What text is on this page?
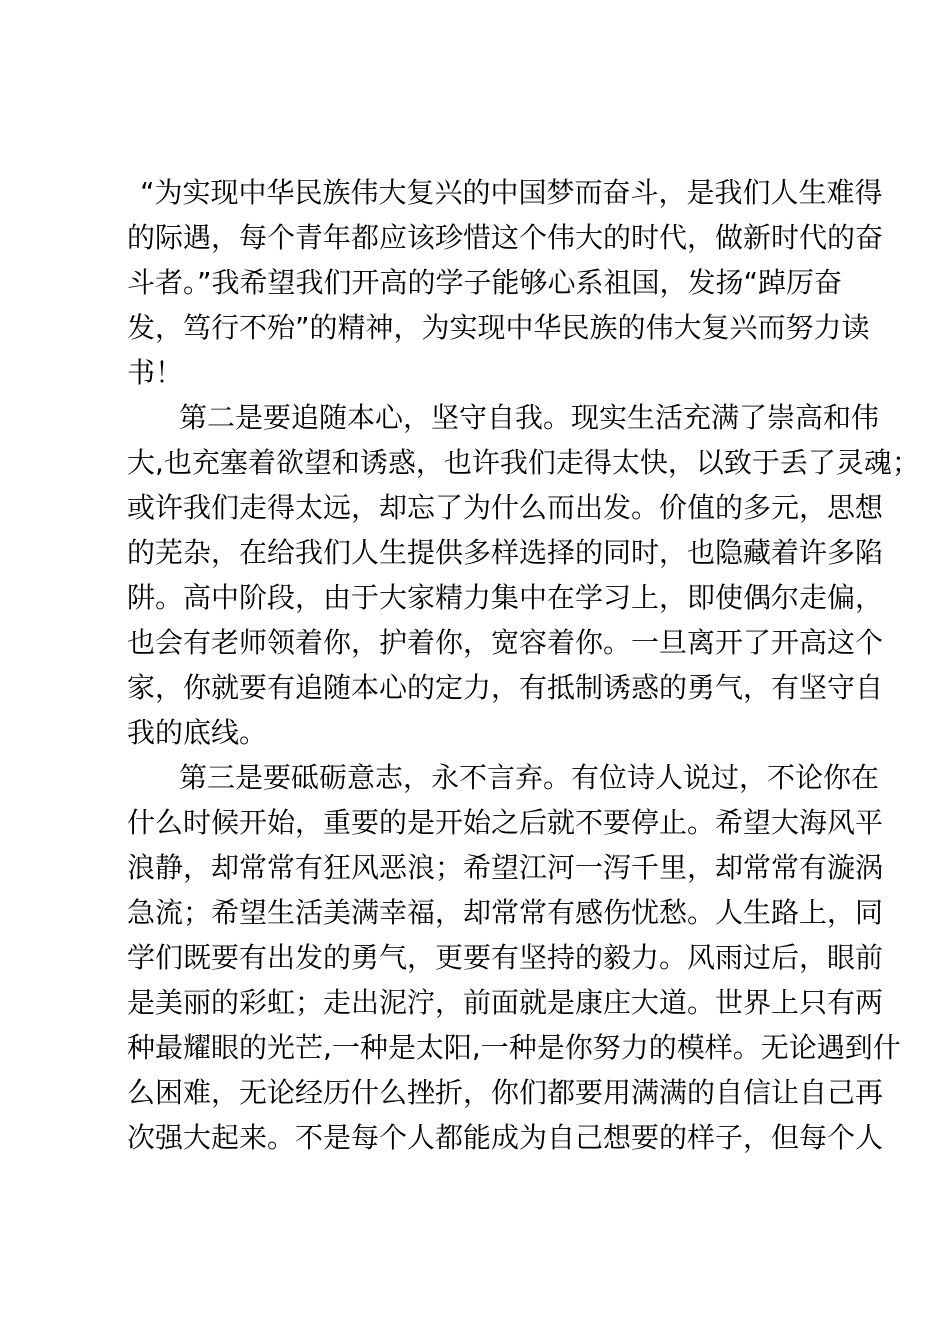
“为实现中华民族伟大复兴的中国梦而奋斗，是我们人生难得
的际遇，每个青年都应该珍惜这个伟大的时代，做新时代的奋
斗者。”我希望我们开高的学子能够心系祖国，发扬“踔厉奋
发，笃行不殆”的精神，为实现中华民族的伟大复兴而努力读
书！
第二是要追随本心，坚守自我。现实生活充满了崇高和伟
大,也充塞着欲望和诱惑，也许我们走得太快，以致于丢了灵魂；
或许我们走得太远，却忘了为什么而出发。价值的多元，思想
的芜杂，在给我们人生提供多样选择的同时，也隐藏着许多陷
阱。高中阶段，由于大家精力集中在学习上，即使偶尔走偏，
也会有老师领着你，护着你，宽容着你。一旦离开了开高这个
家，你就要有追随本心的定力，有抵制诱惑的勇气，有坚守自
我的底线。
第三是要砥砺意志，永不言弃。有位诗人说过，不论你在
什么时候开始，重要的是开始之后就不要停止。希望大海风平
浪静，却常常有狂风恶浪；希望江河一泻千里，却常常有漩涡
急流；希望生活美满幸福，却常常有感伤忧愁。人生路上，同
学们既要有出发的勇气，更要有坚持的毅力。风雨过后，眼前
是美丽的彩虹；走出泥泞，前面就是康庄大道。世界上只有两
种最耀眼的光芒,一种是太阳,一种是你努力的模样。无论遇到什
么困难，无论经历什么挫折，你们都要用满满的自信让自己再
次强大起来。不是每个人都能成为自己想要的样子，但每个人
